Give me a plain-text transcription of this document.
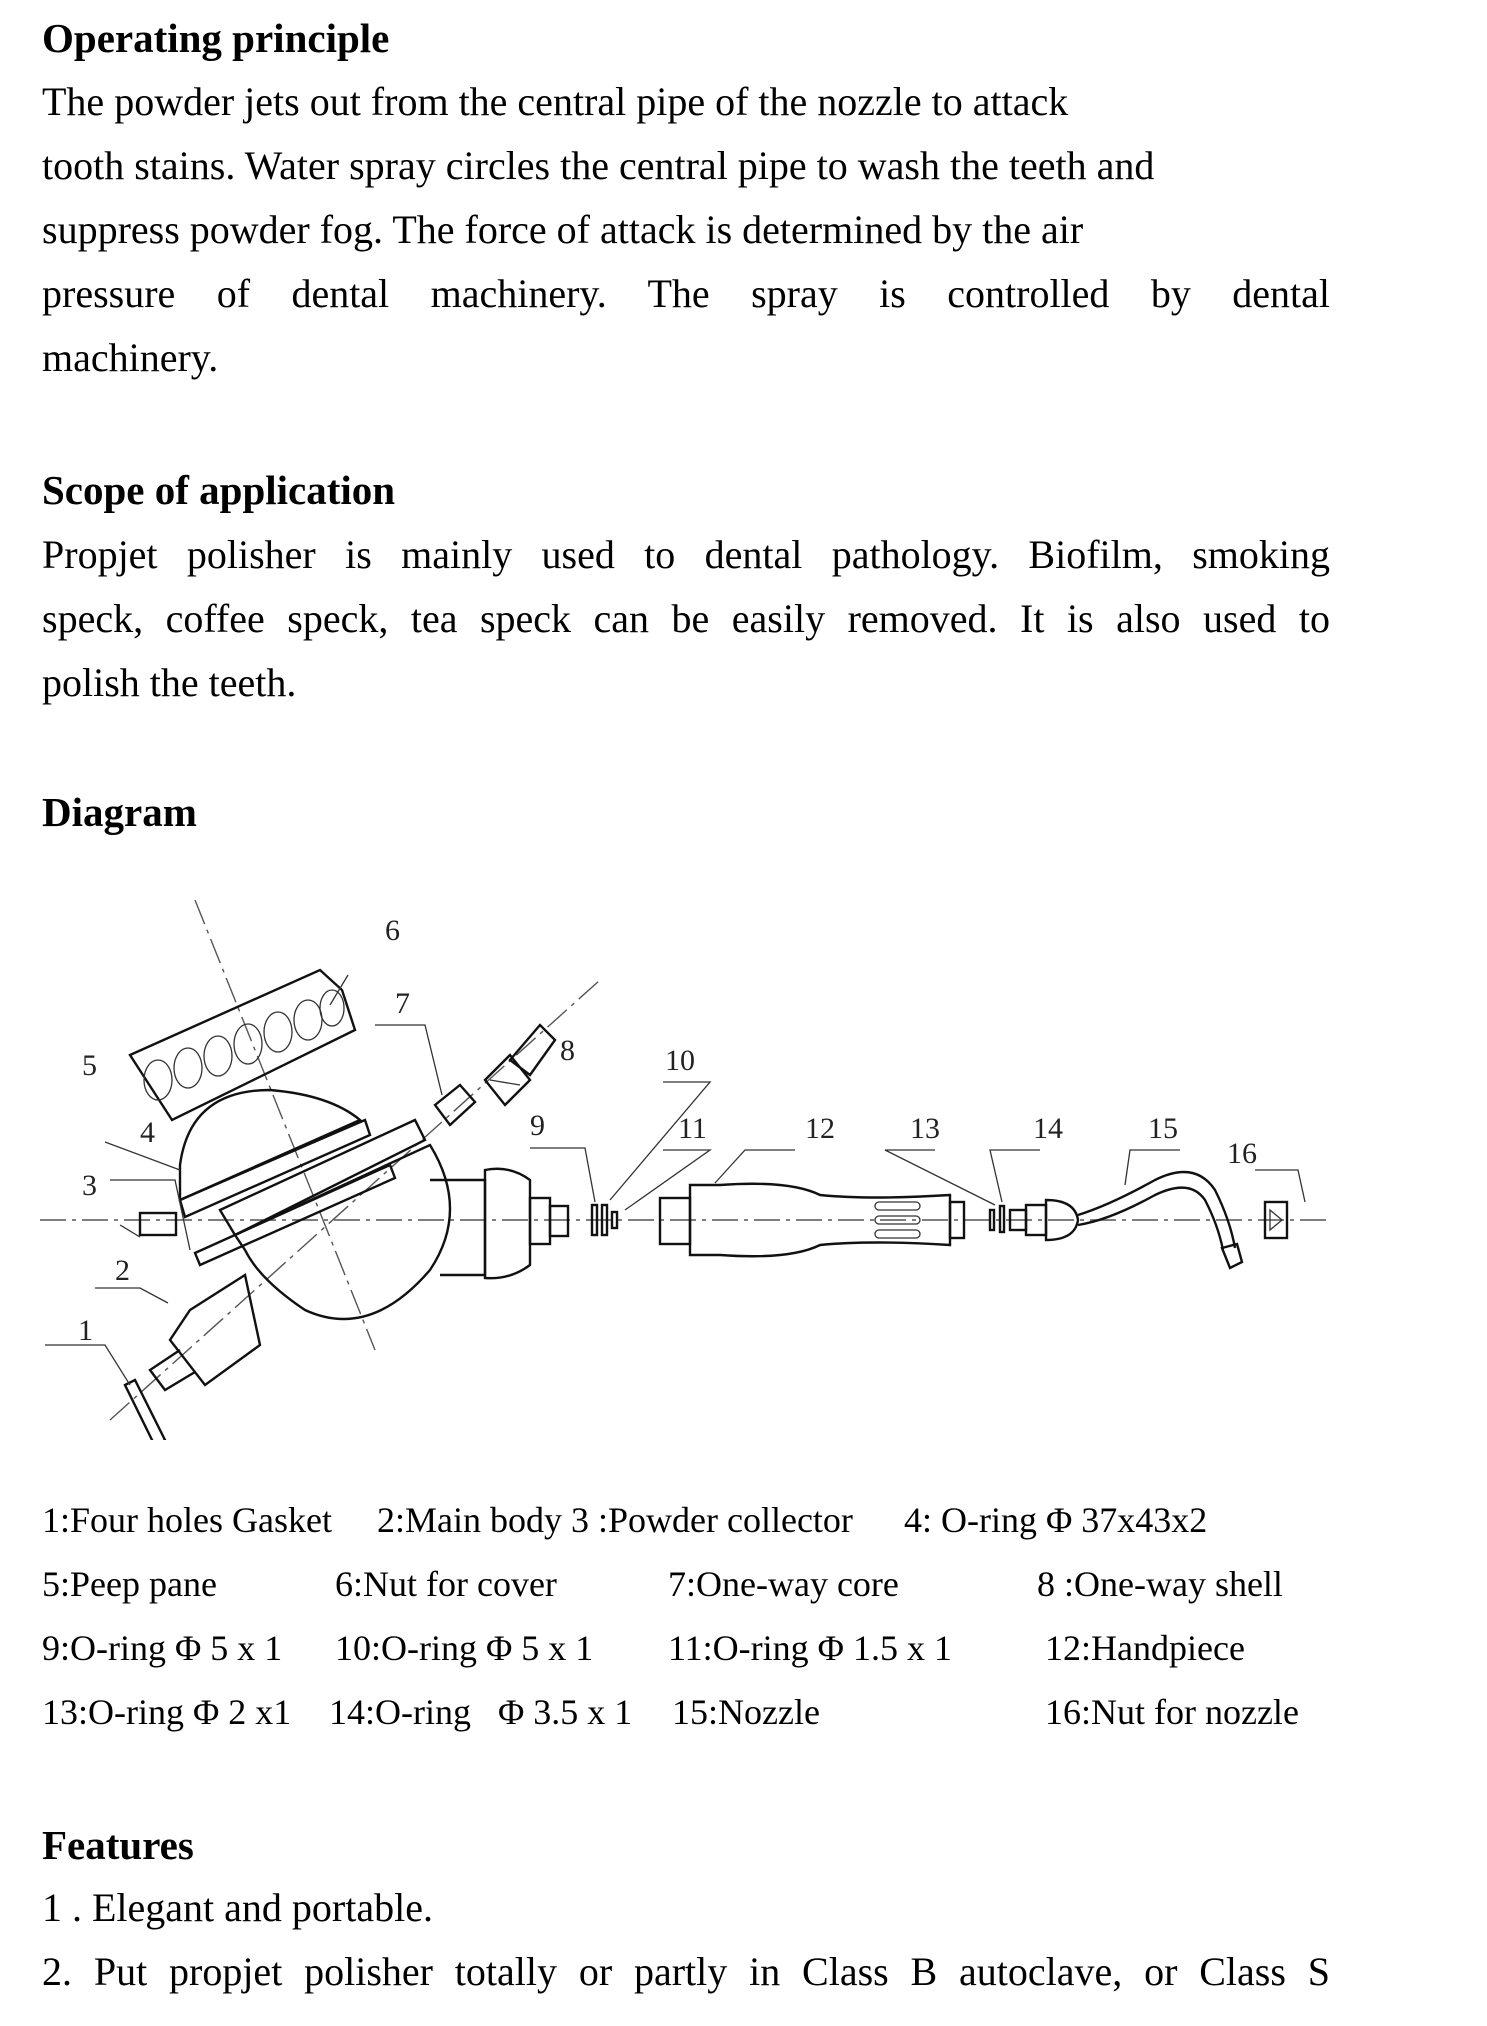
Operating principle
The powder jets out from the central pipe of the nozzle to attack
tooth stains. Water spray circles the central pipe to wash the teeth and
suppress powder fog. The force of attack is determined by the air
pressure of dental machinery. The spray is controlled by dental
machinery.
Scope of application
Propjet polisher is mainly used to dental pathology. Biofilm, smoking
speck, coffee speck, tea speck can be easily removed. It is also used to
polish the teeth.
Diagram
1
2
3
4
5
6
7
8
9
10
11	12	13	14	15
16
1:Four holes Gasket 2:Main body 3 :Powder collector 4: O-ring Φ 37x43x2
5:Peep pane	6:Nut for cover	7:One-way core	8 :One-way shell
9:O-ring Φ 5 x 1 10:O-ring Φ 5 x 1 11:O-ring Φ 1.5 x 1	12:Handpiece
13:O-ring Φ 2 x1 14:O-ring   Φ 3.5 x 1 15:Nozzle	16:Nut for nozzle
Features
1 . Elegant and portable.
2. Put propjet polisher totally or partly in Class B autoclave, or Class S
